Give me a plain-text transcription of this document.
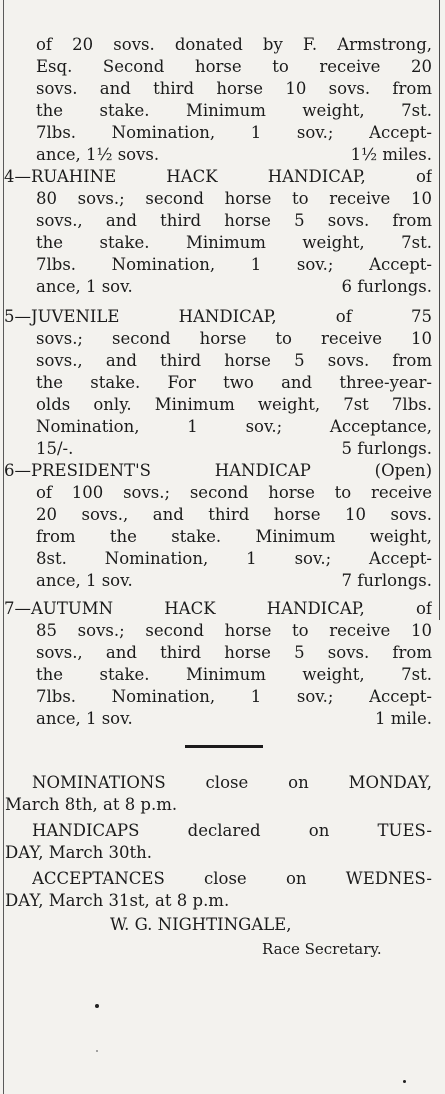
of 20 sovs. donated by F. Armstrong,
Esq. Second horse to receive 20
sovs. and third horse 10 sovs. from
the stake. Minimum weight, 7st.
7lbs. Nomination, 1 sov.; Accept-
ance, 1½ sovs.	1½ miles.
4—RUAHINE HACK HANDICAP, of
80 sovs.; second horse to receive 10
sovs., and third horse 5 sovs. from
the stake. Minimum weight, 7st.
7lbs. Nomination, 1 sov.; Accept-
ance, 1 sov.	6 furlongs.
5—JUVENILE HANDICAP, of 75
sovs.; second horse to receive 10
sovs., and third horse 5 sovs. from
the stake. For two and three-year-
olds only. Minimum weight, 7st 7lbs.
Nomination, 1 sov.; Acceptance,
15/-.	5 furlongs.
6—PRESIDENT'S HANDICAP (Open)
of 100 sovs.; second horse to receive
20 sovs., and third horse 10 sovs.
from the stake. Minimum weight,
8st. Nomination, 1 sov.; Accept-
ance, 1 sov.	7 furlongs.
7—AUTUMN HACK HANDICAP, of
85 sovs.; second horse to receive 10
sovs., and third horse 5 sovs. from
the stake. Minimum weight, 7st.
7lbs. Nomination, 1 sov.; Accept-
ance, 1 sov.	1 mile.
NOMINATIONS close on MONDAY,
March 8th, at 8 p.m.
HANDICAPS declared on TUES-
DAY, March 30th.
ACCEPTANCES close on WEDNES-
DAY, March 31st, at 8 p.m.
W. G. NIGHTINGALE,
Race Secretary.
